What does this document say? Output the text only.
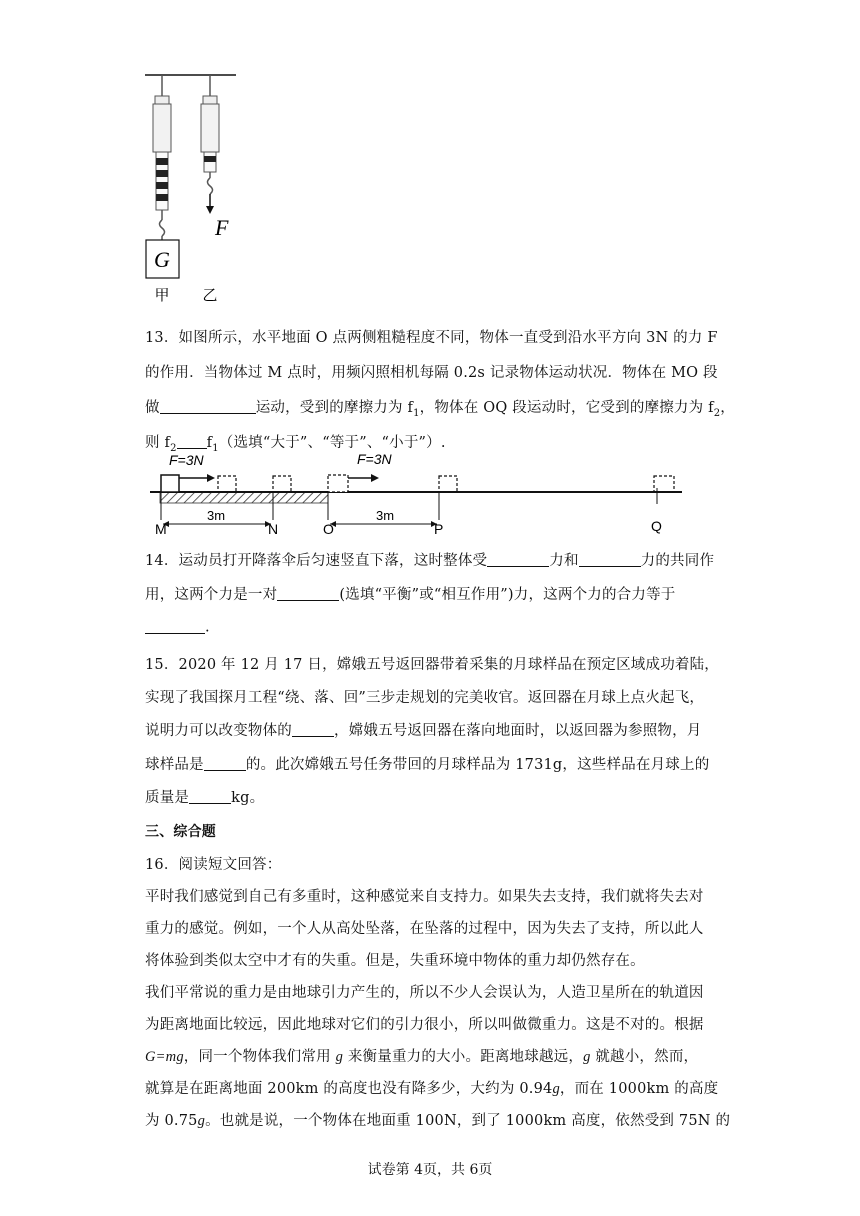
G
F
甲 乙
13．如图所示，水平地面 O 点两侧粗糙程度不同，物体一直受到沿水平方向 3N 的力 F
的作用．当物体过 M 点时，用频闪照相机每隔 0.2s 记录物体运动状况．物体在 MO 段
做	运动，受到的摩擦力为 $f_1$，物体在 OQ 段运动时，它受到的摩擦力为 $f_2$，
则 $f_2$ $f_1$（选填“大于”、“等于”、“小于”）.
F=3N	F=3N
3m	3m
M	N	O	P	Q
14．运动员打开降落伞后匀速竖直下落，这时整体受	力和	力的共同作
用，这两个力是一对	(选填“平衡”或“相互作用”)力，这两个力的合力等于
.
15．2020 年 12 月 17 日，嫦娥五号返回器带着采集的月球样品在预定区域成功着陆，
实现了我国探月工程“绕、落、回”三步走规划的完美收官。返回器在月球上点火起飞，
说明力可以改变物体的	，嫦娥五号返回器在落向地面时，以返回器为参照物，月
球样品是	的。此次嫦娥五号任务带回的月球样品为 1731g，这些样品在月球上的
质量是	kg。
三、综合题
16．阅读短文回答：
平时我们感觉到自己有多重时，这种感觉来自支持力。如果失去支持，我们就将失去对
重力的感觉。例如，一个人从高处坠落，在坠落的过程中，因为失去了支持，所以此人
将体验到类似太空中才有的失重。但是，失重环境中物体的重力却仍然存在。
我们平常说的重力是由地球引力产生的，所以不少人会误认为，人造卫星所在的轨道因
为距离地面比较远，因此地球对它们的引力很小，所以叫做微重力。这是不对的。根据
G=mg，同一个物体我们常用 g 来衡量重力的大小。距离地球越远，g 就越小，然而，
就算是在距离地面 200km 的高度也没有降多少，大约为 0.94g，而在 1000km 的高度
为 0.75g。也就是说，一个物体在地面重 100N，到了 1000km 高度，依然受到 75N 的
试卷第 4页，共 6页
